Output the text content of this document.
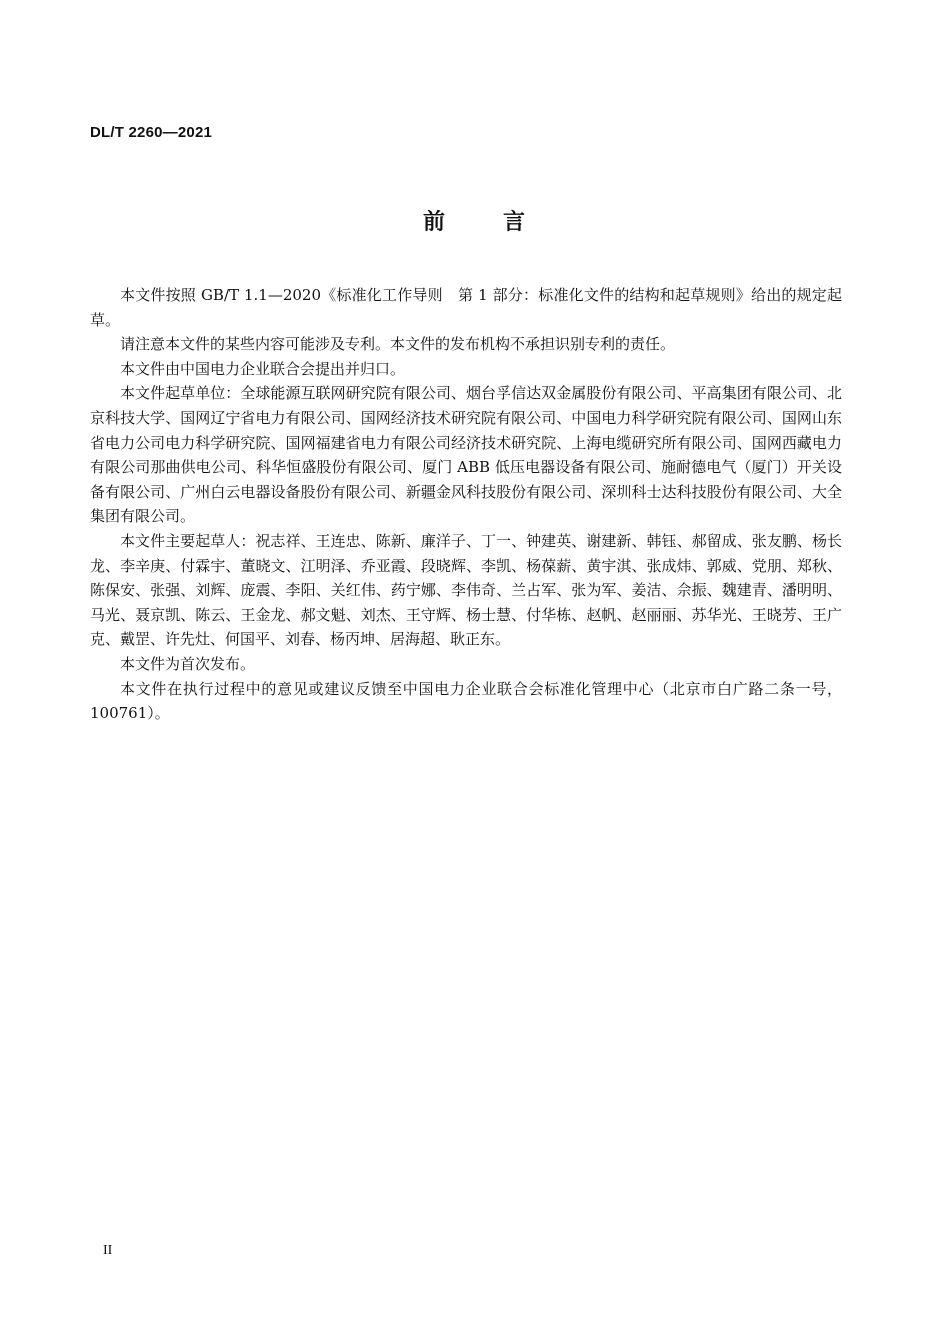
DL/T 2260—2021
前	言

本文件按照 GB/T 1.1—2020《标准化工作导则　第 1 部分：标准化文件的结构和起草规则》给出的规定起草。

请注意本文件的某些内容可能涉及专利。本文件的发布机构不承担识别专利的责任。

本文件由中国电力企业联合会提出并归口。

本文件起草单位：全球能源互联网研究院有限公司、烟台孚信达双金属股份有限公司、平高集团有限公司、北京科技大学、国网辽宁省电力有限公司、国网经济技术研究院有限公司、中国电力科学研究院有限公司、国网山东省电力公司电力科学研究院、国网福建省电力有限公司经济技术研究院、上海电缆研究所有限公司、国网西藏电力有限公司那曲供电公司、科华恒盛股份有限公司、厦门 ABB 低压电器设备有限公司、施耐德电气（厦门）开关设备有限公司、广州白云电器设备股份有限公司、新疆金风科技股份有限公司、深圳科士达科技股份有限公司、大全集团有限公司。

本文件主要起草人：祝志祥、王连忠、陈新、廉洋子、丁一、钟建英、谢建新、韩钰、郝留成、张友鹏、杨长龙、李辛庚、付霖宇、董晓文、江明泽、乔亚霞、段晓辉、李凯、杨葆薪、黄宇淇、张成炜、郭威、党朋、郑秋、陈保安、张强、刘辉、庞震、李阳、关红伟、药宁娜、李伟奇、兰占军、张为军、姜洁、佘振、魏建青、潘明明、马光、聂京凯、陈云、王金龙、郝文魁、刘杰、王守辉、杨士慧、付华栋、赵帆、赵丽丽、苏华光、王晓芳、王广克、戴罡、许先灶、何国平、刘春、杨丙坤、居海超、耿正东。

本文件为首次发布。

本文件在执行过程中的意见或建议反馈至中国电力企业联合会标准化管理中心（北京市白广路二条一号，100761）。

II
